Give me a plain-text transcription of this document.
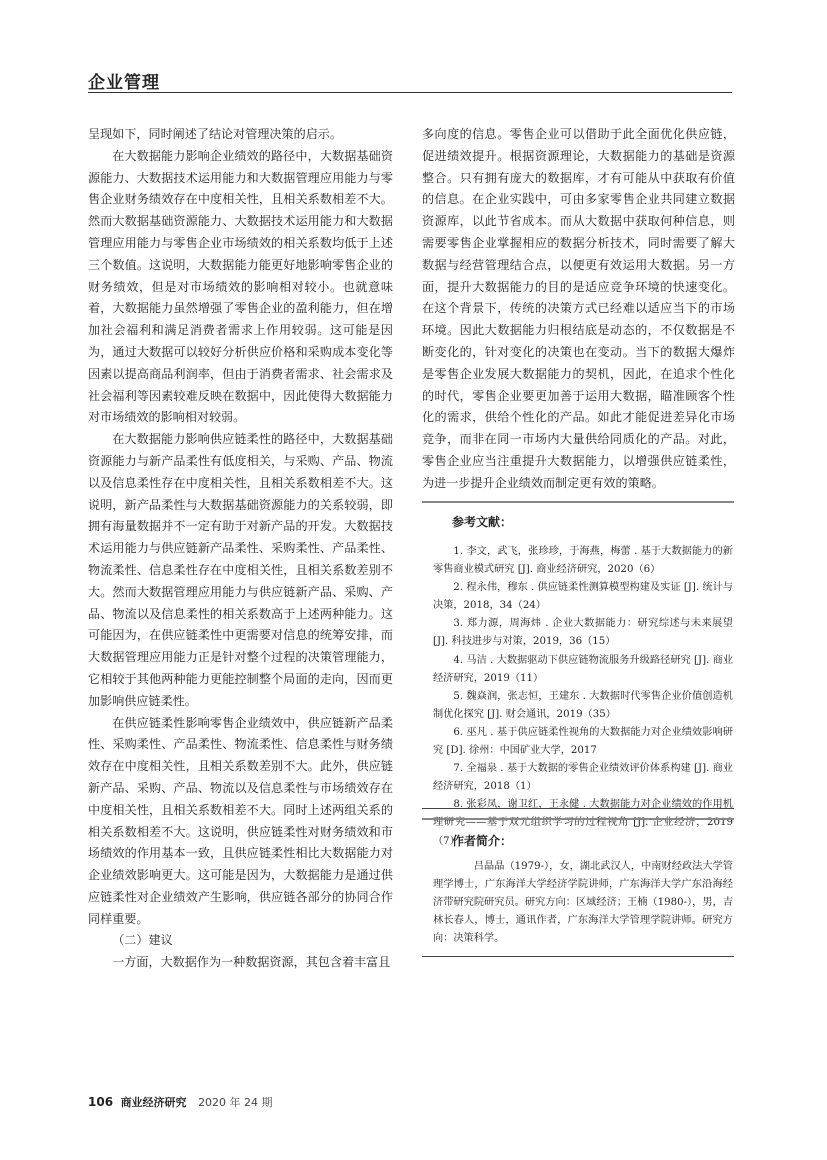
企业管理

呈现如下，同时阐述了结论对管理决策的启示。

在大数据能力影响企业绩效的路径中，大数据基础资源能力、大数据技术运用能力和大数据管理应用能力与零售企业财务绩效存在中度相关性，且相关系数相差不大。然而大数据基础资源能力、大数据技术运用能力和大数据管理应用能力与零售企业市场绩效的相关系数均低于上述三个数值。这说明，大数据能力能更好地影响零售企业的财务绩效，但是对市场绩效的影响相对较小。也就意味着，大数据能力虽然增强了零售企业的盈利能力，但在增加社会福利和满足消费者需求上作用较弱。这可能是因为，通过大数据可以较好分析供应价格和采购成本变化等因素以提高商品利润率，但由于消费者需求、社会需求及社会福利等因素较难反映在数据中，因此使得大数据能力对市场绩效的影响相对较弱。

在大数据能力影响供应链柔性的路径中，大数据基础资源能力与新产品柔性有低度相关，与采购、产品、物流以及信息柔性存在中度相关性，且相关系数相差不大。这说明，新产品柔性与大数据基础资源能力的关系较弱，即拥有海量数据并不一定有助于对新产品的开发。大数据技术运用能力与供应链新产品柔性、采购柔性、产品柔性、物流柔性、信息柔性存在中度相关性，且相关系数差别不大。然而大数据管理应用能力与供应链新产品、采购、产品、物流以及信息柔性的相关系数高于上述两种能力。这可能因为，在供应链柔性中更需要对信息的统筹安排，而大数据管理应用能力正是针对整个过程的决策管理能力，它相较于其他两种能力更能控制整个局面的走向，因而更加影响供应链柔性。

在供应链柔性影响零售企业绩效中，供应链新产品柔性、采购柔性、产品柔性、物流柔性、信息柔性与财务绩效存在中度相关性，且相关系数差别不大。此外，供应链新产品、采购、产品、物流以及信息柔性与市场绩效存在中度相关性，且相关系数相差不大。同时上述两组关系的相关系数相差不大。这说明，供应链柔性对财务绩效和市场绩效的作用基本一致，且供应链柔性相比大数据能力对企业绩效影响更大。这可能是因为，大数据能力是通过供应链柔性对企业绩效产生影响，供应链各部分的协同合作同样重要。

（二）建议

一方面，大数据作为一种数据资源，其包含着丰富且

多向度的信息。零售企业可以借助于此全面优化供应链，促进绩效提升。根据资源理论，大数据能力的基础是资源整合。只有拥有庞大的数据库，才有可能从中获取有价值的信息。在企业实践中，可由多家零售企业共同建立数据资源库，以此节省成本。而从大数据中获取何种信息，则需要零售企业掌握相应的数据分析技术，同时需要了解大数据与经营管理结合点，以便更有效运用大数据。另一方面，提升大数据能力的目的是适应竞争环境的快速变化。在这个背景下，传统的决策方式已经难以适应当下的市场环境。因此大数据能力归根结底是动态的，不仅数据是不断变化的，针对变化的决策也在变动。当下的数据大爆炸是零售企业发展大数据能力的契机，因此，在追求个性化的时代，零售企业要更加善于运用大数据，瞄准顾客个性化的需求，供给个性化的产品。如此才能促进差异化市场竞争，而非在同一市场内大量供给同质化的产品。对此，零售企业应当注重提升大数据能力，以增强供应链柔性，为进一步提升企业绩效而制定更有效的策略。

参考文献：
1. 李文，武飞，张珍珍，于海燕，梅蕾 . 基于大数据能力的新零售商业模式研究 [J]. 商业经济研究，2020（6）
2. 程永伟，穆东 . 供应链柔性测算模型构建及实证 [J]. 统计与决策，2018，34（24）
3. 郑力源，周海炜 . 企业大数据能力：研究综述与未来展望 [J]. 科技进步与对策，2019，36（15）
4. 马洁 . 大数据驱动下供应链物流服务升级路径研究 [J]. 商业经济研究，2019（11）
5. 魏焱润，张志恒，王建东 . 大数据时代零售企业价值创造机制优化探究 [J]. 财会通讯，2019（35）
6. 巫凡 . 基于供应链柔性视角的大数据能力对企业绩效影响研究 [D]. 徐州：中国矿业大学，2017
7. 全福泉 . 基于大数据的零售企业绩效评价体系构建 [J]. 商业经济研究，2018（1）
8. 张彩凤，谢卫红，王永健 . 大数据能力对企业绩效的作用机理研究——基于双元组织学习的过程视角 [J]. 企业经济，2019（7）
作者简介：

吕晶晶（1979-），女，湖北武汉人，中南财经政法大学管理学博士，广东海洋大学经济学院讲师，广东海洋大学广东沿海经济带研究院研究员。研究方向：区域经济；王楠（1980-），男，吉林长春人，博士，通讯作者，广东海洋大学管理学院讲师。研究方向：决策科学。

106 商业经济研究 2020 年 24 期
